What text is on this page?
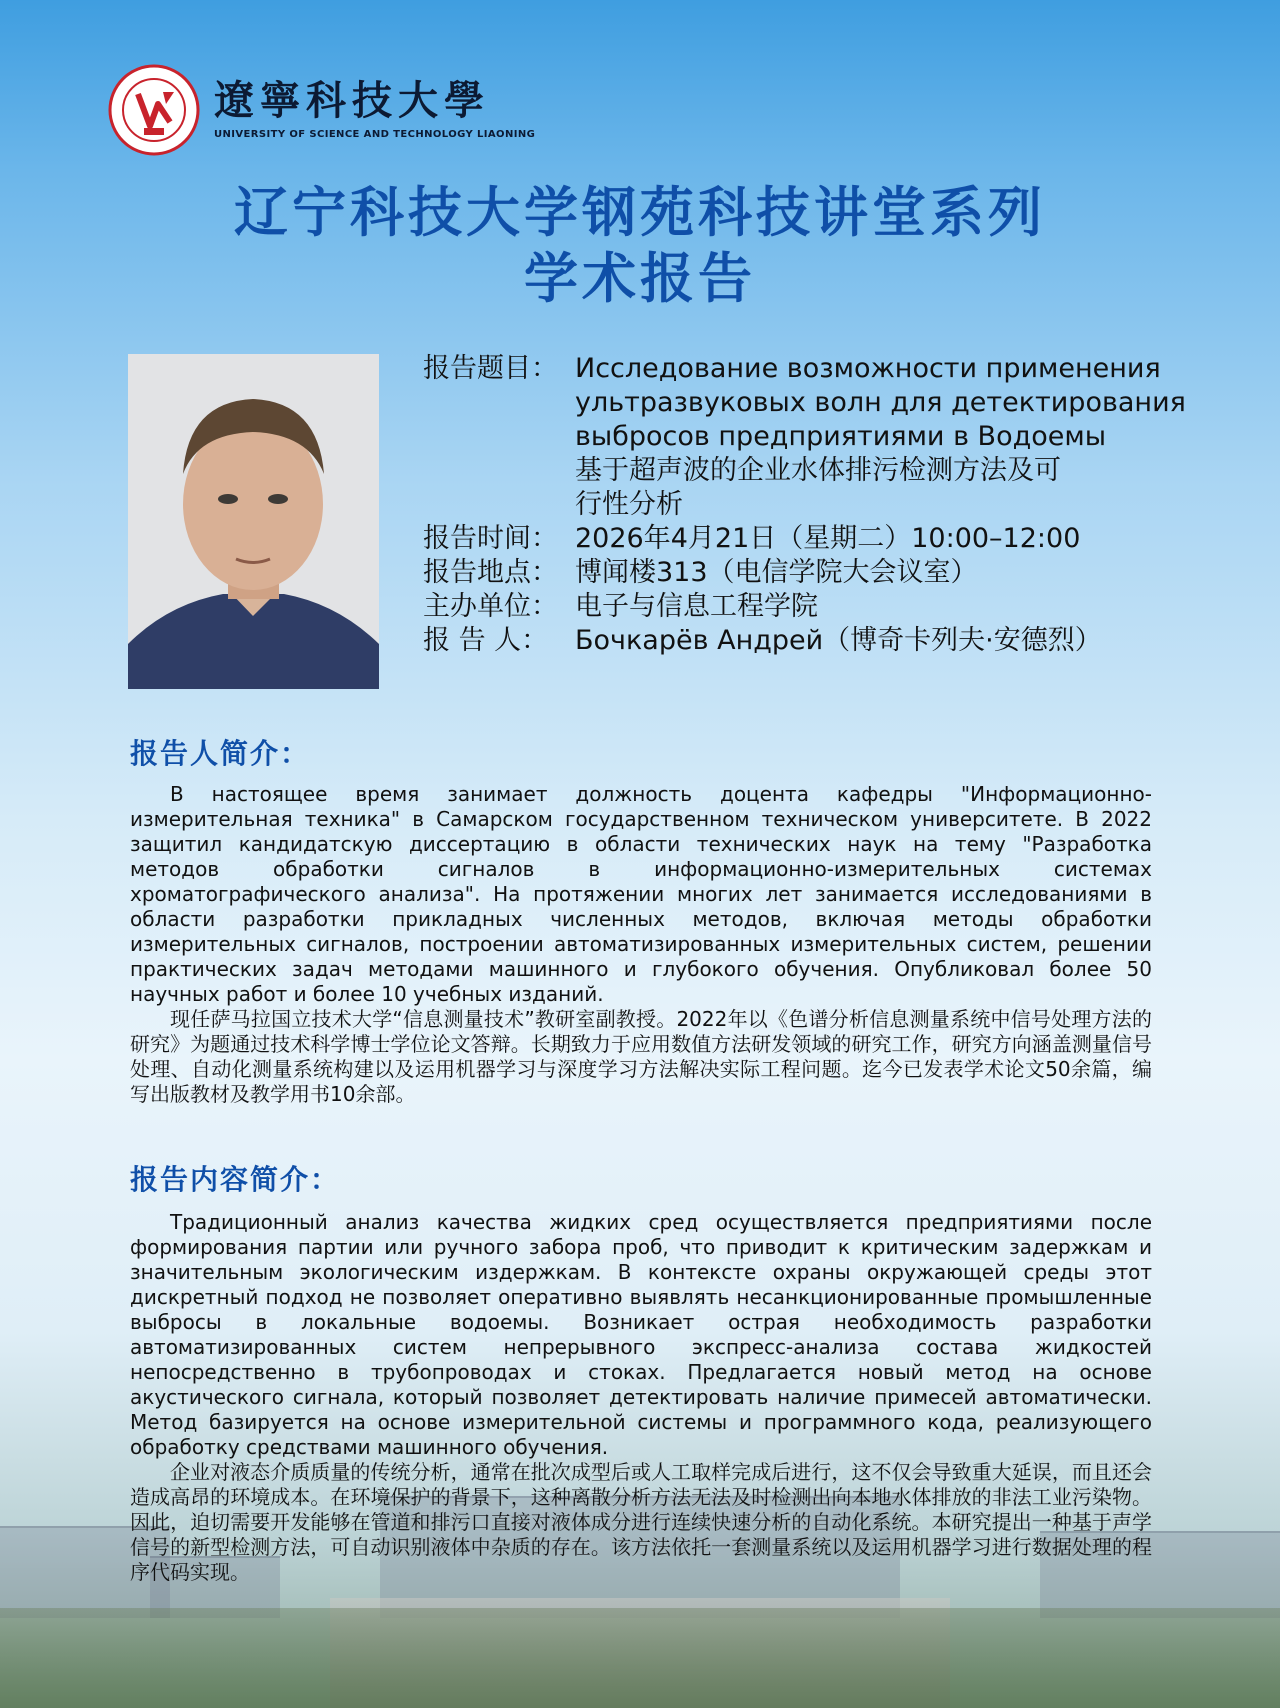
遼寧科技大學
UNIVERSITY OF SCIENCE AND TECHNOLOGY LIAONING
辽宁科技大学钢苑科技讲堂系列
学术报告
报告题目： Исследование возможности применения
ультразвуковых волн для детектирования
выбросов предприятиями в Водоемы
基于超声波的企业水体排污检测方法及可
行性分析
报告时间： 2026年4月21日（星期二）10:00–12:00
报告地点： 博闻楼313（电信学院大会议室）
主办单位： 电子与信息工程学院
报 告 人： Бочкарёв Андрей（博奇卡列夫·安德烈）
报告人简介：

В настоящее время занимает должность доцента кафедры "Информационно-измерительная техника" в Самарском государственном техническом университете. В 2022 защитил кандидатскую диссертацию в области технических наук на тему "Разработка методов обработки сигналов в информационно-измерительных системах хроматографического анализа". На протяжении многих лет занимается исследованиями в области разработки прикладных численных методов, включая методы обработки измерительных сигналов, построении автоматизированных измерительных систем, решении практических задач методами машинного и глубокого обучения. Опубликовал более 50 научных работ и более 10 учебных изданий.

现任萨马拉国立技术大学“信息测量技术”教研室副教授。2022年以《色谱分析信息测量系统中信号处理方法的研究》为题通过技术科学博士学位论文答辩。长期致力于应用数值方法研发领域的研究工作，研究方向涵盖测量信号处理、自动化测量系统构建以及运用机器学习与深度学习方法解决实际工程问题。迄今已发表学术论文50余篇，编写出版教材及教学用书10余部。

报告内容简介：

Традиционный анализ качества жидких сред осуществляется предприятиями после формирования партии или ручного забора проб, что приводит к критическим задержкам и значительным экологическим издержкам. В контексте охраны окружающей среды этот дискретный подход не позволяет оперативно выявлять несанкционированные промышленные выбросы в локальные водоемы. Возникает острая необходимость разработки автоматизированных систем непрерывного экспресс-анализа состава жидкостей непосредственно в трубопроводах и стоках. Предлагается новый метод на основе акустического сигнала, который позволяет детектировать наличие примесей автоматически. Метод базируется на основе измерительной системы и программного кода, реализующего обработку средствами машинного обучения.

企业对液态介质质量的传统分析，通常在批次成型后或人工取样完成后进行，这不仅会导致重大延误，而且还会造成高昂的环境成本。在环境保护的背景下，这种离散分析方法无法及时检测出向本地水体排放的非法工业污染物。因此，迫切需要开发能够在管道和排污口直接对液体成分进行连续快速分析的自动化系统。本研究提出一种基于声学信号的新型检测方法，可自动识别液体中杂质的存在。该方法依托一套测量系统以及运用机器学习进行数据处理的程序代码实现。
